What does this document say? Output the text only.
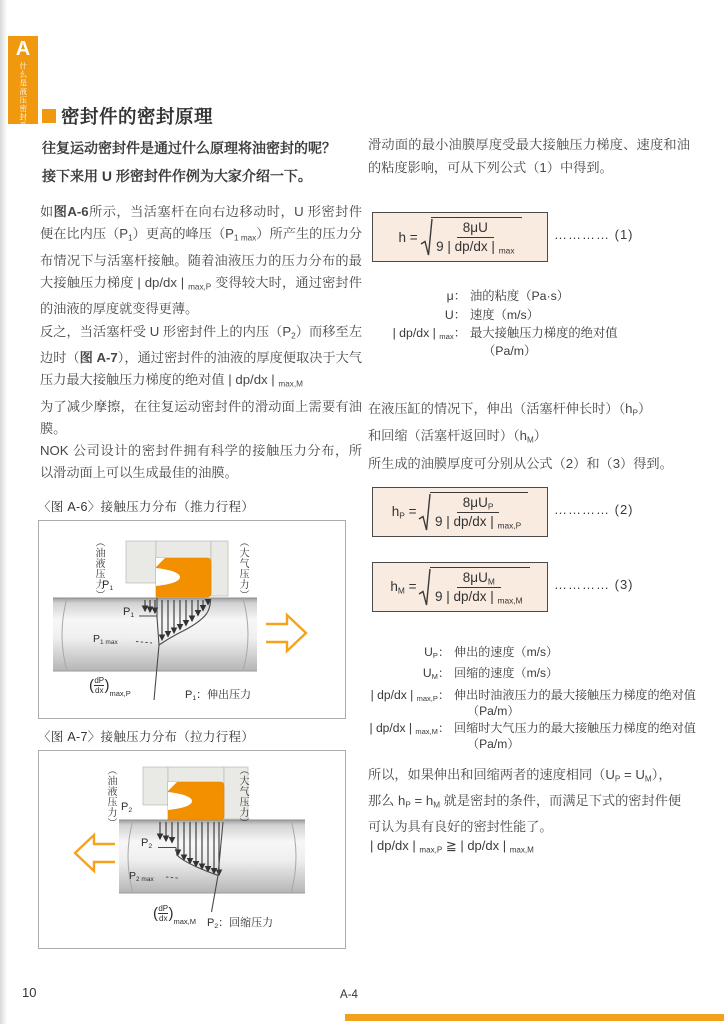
A
什么是液压密封系统 密封件的密封原理
往复运动密封件是通过什么原理将油密封的呢？
接下来用 U 形密封件作例为大家介绍一下。

如图A-6所示，当活塞杆在向右边移动时，U 形密封件便在比内压（P1）更高的峰压（P1 max）所产生的压力分布情况下与活塞杆接触。随着油液压力的压力分布的最大接触压力梯度 | dp/dx | max,P 变得较大时，通过密封件的油液的厚度就变得更薄。

反之，当活塞杆受 U 形密封件上的内压（P2）而移至左边时（图 A-7），通过密封件的油液的厚度便取决于大气压力最大接触压力梯度的绝对值 | dp/dx | max,M

为了减少摩擦，在往复运动密封件的滑动面上需要有油膜。

NOK 公司设计的密封件拥有科学的接触压力分布，所以滑动面上可以生成最佳的油膜。

〈图 A-6〉接触压力分布（推力行程）
（油液压力）	（大气压力）
P1
P1
P1 max
( dP
dx ) max,P	P1：伸出压力
〈图 A-7〉接触压力分布（拉力行程）
（油液压力）	（大气压力）
P2
P2
P2 max
( dP
dx ) max,M P2：回缩压力
滑动面的最小油膜厚度受最大接触压力梯度、速度和油的粘度影响，可从下列公式（1）中得到。
$h = \frac{8\mu U}{9 | dp/dx | \max}$	………… (1)
μ： 油的粘度（Pa·s）
U： 速度（m/s）
| dp/dx | max： 最大接触压力梯度的绝对值
（Pa/m）
在液压缸的情况下，伸出（活塞杆伸长时）（hP）
和回缩（活塞杆返回时）（hM）
所生成的油膜厚度可分别从公式（2）和（3）得到。
hP = $\frac{\text{8μUP}}{9 | dp/dx | \max,P}$	………… (2)
hM = $\frac{\text{8μUM}}{9 | dp/dx | \max,M}$ ………… (3)
UP： 伸出的速度（m/s）
UM： 回缩的速度（m/s）
| dp/dx | max,P： 伸出时油液压力的最大接触压力梯度的绝对值
（Pa/m）
| dp/dx | max,M： 回缩时大气压力的最大接触压力梯度的绝对值
（Pa/m）
所以，如果伸出和回缩两者的速度相同（UP = UM），
那么 hP = hM 就是密封的条件，而满足下式的密封件便
可认为具有良好的密封性能了。
| dp/dx | max,P ≧ | dp/dx | max,M
10	A-4
